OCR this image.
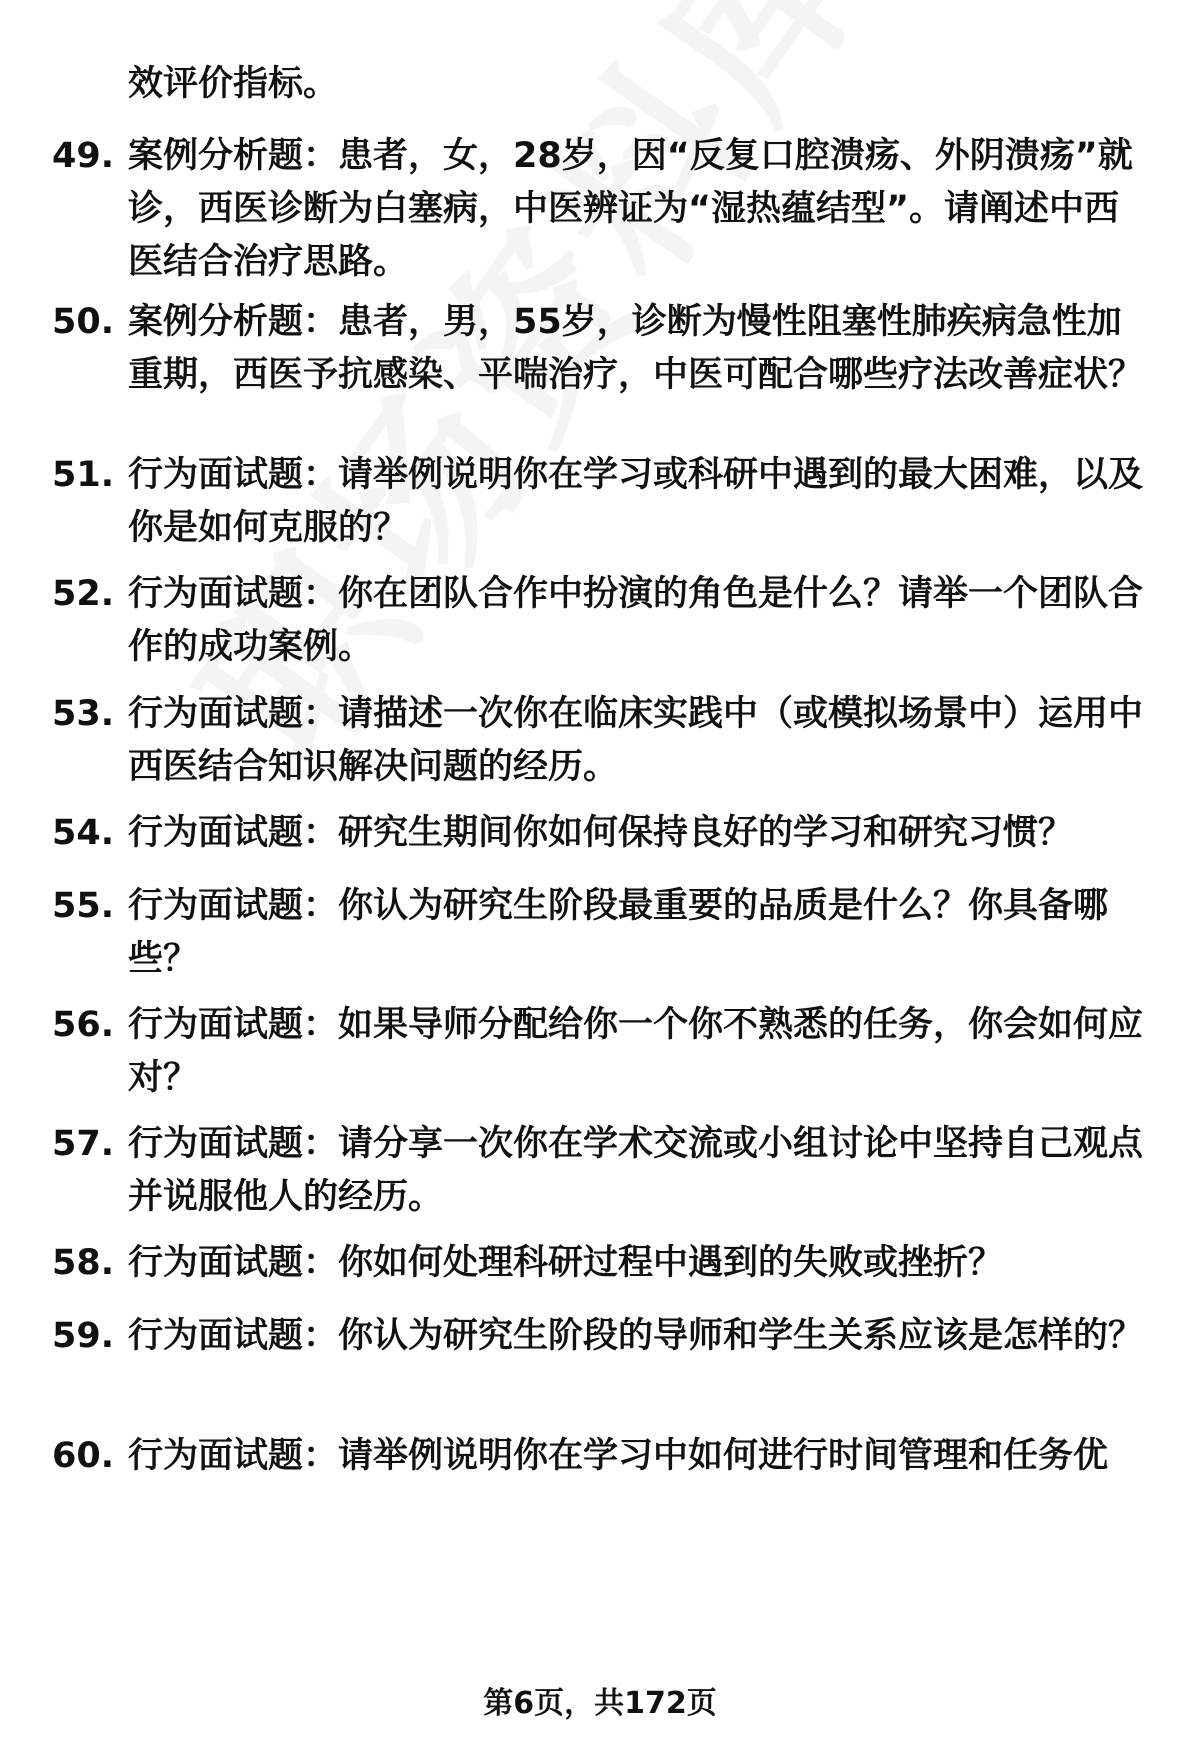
效评价指标。
49. 案例分析题：患者，女，28岁，因“反复口腔溃疡、外阴溃疡”就诊，西医诊断为白塞病，中医辨证为“湿热蕴结型”。请阐述中西医结合治疗思路。
50. 案例分析题：患者，男，55岁，诊断为慢性阻塞性肺疾病急性加重期，西医予抗感染、平喘治疗，中医可配合哪些疗法改善症状？
51. 行为面试题：请举例说明你在学习或科研中遇到的最大困难，以及你是如何克服的？
52. 行为面试题：你在团队合作中扮演的角色是什么？请举一个团队合作的成功案例。
53. 行为面试题：请描述一次你在临床实践中（或模拟场景中）运用中西医结合知识解决问题的经历。
54. 行为面试题：研究生期间你如何保持良好的学习和研究习惯？
55. 行为面试题：你认为研究生阶段最重要的品质是什么？你具备哪些？
56. 行为面试题：如果导师分配给你一个你不熟悉的任务，你会如何应对？
57. 行为面试题：请分享一次你在学术交流或小组讨论中坚持自己观点并说服他人的经历。
58. 行为面试题：你如何处理科研过程中遇到的失败或挫折？
59. 行为面试题：你认为研究生阶段的导师和学生关系应该是怎样的？
60. 行为面试题：请举例说明你在学习中如何进行时间管理和任务优
第6页，共172页
